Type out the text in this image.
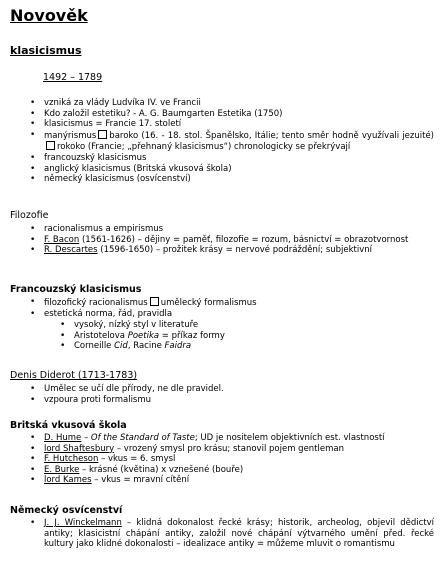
Novověk
klasicismus
1492 – 1789
• vzniká za vlády Ludvíka IV. ve Francii
• Kdo založil estetiku? - A. G. Baumgarten Estetika (1750)
• klasicismus = Francie 17. století
• manýrismus baroko (16. - 18. stol. Španělsko, Itálie; tento směr hodně využívali jezuité)rokoko (Francie; „přehnaný klasicismus“) chronologicky se překrývají
• francouzský klasicismus
• anglický klasicismus (Britská vkusová škola)
• německý klasicismus (osvícenství)
Filozofie
• racionalismus a empirismus
• F. Bacon (1561-1626) – dějiny = paměť, filozofie = rozum, básnictví = obrazotvornost
• R. Descartes (1596-1650) – prožitek krásy = nervové podráždění; subjektivní
Francouzský klasicismus
• filozofický racionalismus umělecký formalismus
• estetická norma, řád, pravidla
• vysoký, nízký styl v literatuře
• Aristotelova Poetika = příkaz formy
• Corneille Cid, Racine Faidra
Denis Diderot (1713-1783)
• Umělec se učí dle přírody, ne dle pravidel.
• vzpoura proti formalismu
Britská vkusová škola
• D. Hume – Of the Standard of Taste; UD je nositelem objektivních est. vlastností
• lord Shaftesbury – vrozený smysl pro krásu; stanovil pojem gentleman
• F. Hutcheson – vkus = 6. smysl
• E. Burke – krásné (květina) x vznešené (bouře)
• lord Kames – vkus = mravní cítění
Německý osvícenství
• J. J. Winckelmann – klidná dokonalost řecké krásy; historik, archeolog, objevil dědictví antiky; klasicistní chápání antiky, založil nové chápání výtvarného umění před. řecké kultury jako klidné dokonalosti – idealizace antiky = můžeme mluvit o romantismu
